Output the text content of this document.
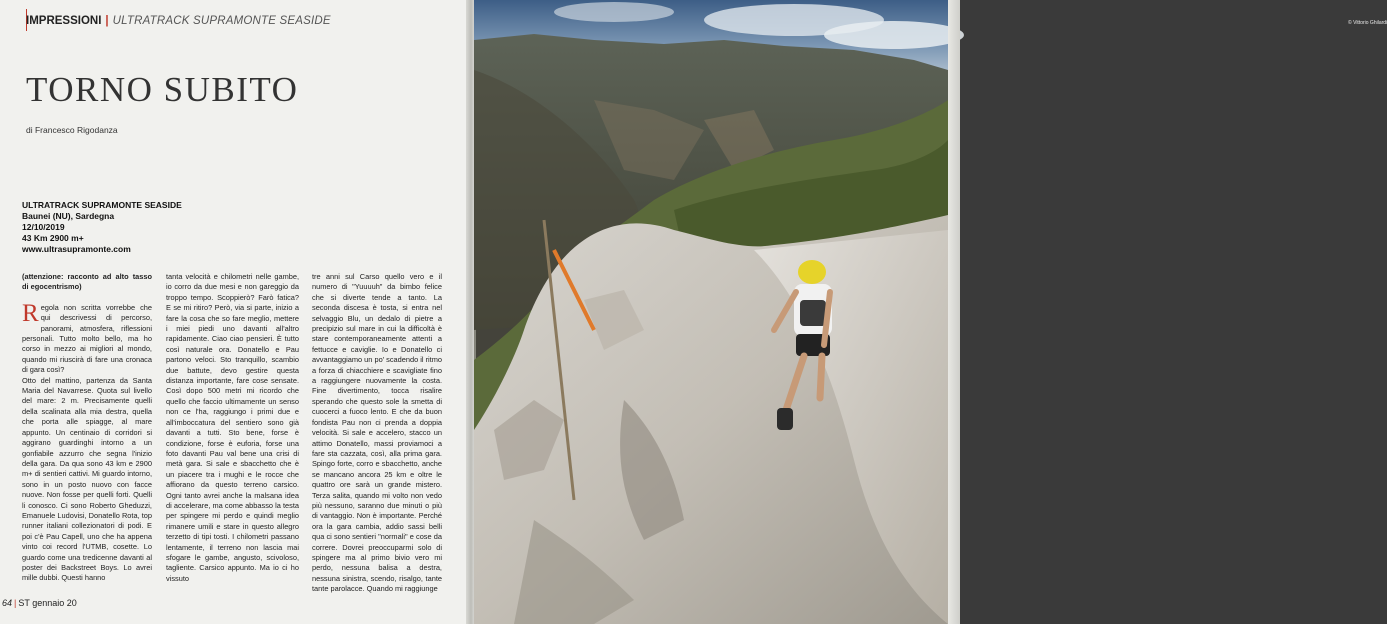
IMPRESSIONI | ULTRATRACK SUPRAMONTE SEASIDE
TORNO SUBITO
di Francesco Rigodanza
ULTRATRACK SUPRAMONTE SEASIDE
Baunei (NU), Sardegna
12/10/2019
43 Km 2900 m+
www.ultrasupramonte.com

(attenzione: racconto ad alto tasso di egocentrismo)

Regola non scritta vorrebbe che qui descrivessi di percorso, panorami, atmosfera, riflessioni personali. Tutto molto bello, ma ho corso in mezzo ai migliori al mondo, quando mi riuscirà di fare una cronaca di gara così?

Otto del mattino, partenza da Santa Maria del Navarrese. Quota sul livello del mare: 2 m. Precisamente quelli della scalinata alla mia destra, quella che porta alle spiagge, al mare appunto. Un centinaio di corridori si aggirano guardinghi intorno a un gonfiabile azzurro che segna l'inizio della gara. Da qua sono 43 km e 2900 m+ di sentieri cattivi. Mi guardo intorno, sono in un posto nuovo con facce nuove. Non fosse per quelli forti. Quelli li conosco. Ci sono Roberto Gheduzzi, Emanuele Ludovisi, Donatello Rota, top runner italiani collezionatori di podi. E poi c'è Pau Capell, uno che ha appena vinto coi record l'UTMB, cosette. Lo guardo come una tredicenne davanti al poster dei Backstreet Boys. Lo avrei mille dubbi. Questi hanno

tanta velocità e chilometri nelle gambe, io corro da due mesi e non gareggio da troppo tempo. Scoppierò? Farò fatica? E se mi ritiro? Però, via si parte, inizio a fare la cosa che so fare meglio, mettere i miei piedi uno davanti all'altro rapidamente. Ciao ciao pensieri. È tutto così naturale ora. Donatello e Pau partono veloci. Sto tranquillo, scambio due battute, devo gestire questa distanza importante, fare cose sensate. Così dopo 500 metri mi ricordo che quello che faccio ultimamente un senso non ce l'ha, raggiungo i primi due e all'imboccatura del sentiero sono già davanti a tutti. Sto bene, forse è condizione, forse è euforia, forse una foto davanti Pau val bene una crisi di metà gara. Si sale e sbacchetto che è un piacere tra i mughi e le rocce che affiorano da questo terreno carsico. Ogni tanto avrei anche la malsana idea di accelerare, ma come abbasso la testa per spingere mi perdo e quindi meglio rimanere umili e stare in questo allegro terzetto di tipi tosti. I chilometri passano lentamente, il terreno non lascia mai sfogare le gambe, angusto, scivoloso, tagliente. Carsico appunto. Ma io ci ho vissuto

tre anni sul Carso quello vero e il numero di "Yuuuuh" da bimbo felice che si diverte tende a tanto. La seconda discesa è tosta, si entra nel selvaggio Blu, un dedalo di pietre a precipizio sul mare in cui la difficoltà è stare contemporaneamente attenti a fettucce e caviglie. Io e Donatello ci avvantaggiamo un po' scadendo il ritmo a forza di chiacchiere e scavigliate fino a raggiungere nuovamente la costa. Fine divertimento, tocca risalire sperando che questo sole la smetta di cuocerci a fuoco lento. E che da buon fondista Pau non ci prenda a doppia velocità. Si sale e accelero, stacco un attimo Donatello, massi proviamoci a fare sta cazzata, così, alla prima gara. Spingo forte, corro e sbacchetto, anche se mancano ancora 25 km e oltre le quattro ore sarà un grande mistero. Terza salita, quando mi volto non vedo più nessuno, saranno due minuti o più di vantaggio. Non è importante. Perché ora la gara cambia, addio sassi belli qua ci sono sentieri "normali" e cose da correre. Dovrei preoccuparmi solo di spingere ma al primo bivio vero mi perdo, nessuna balisa a destra, nessuna sinistra, scendo, risalgo, tante tante parolacce. Quando mi raggiunge

64 | ST gennaio 20
© Vittorio Ghilardi
